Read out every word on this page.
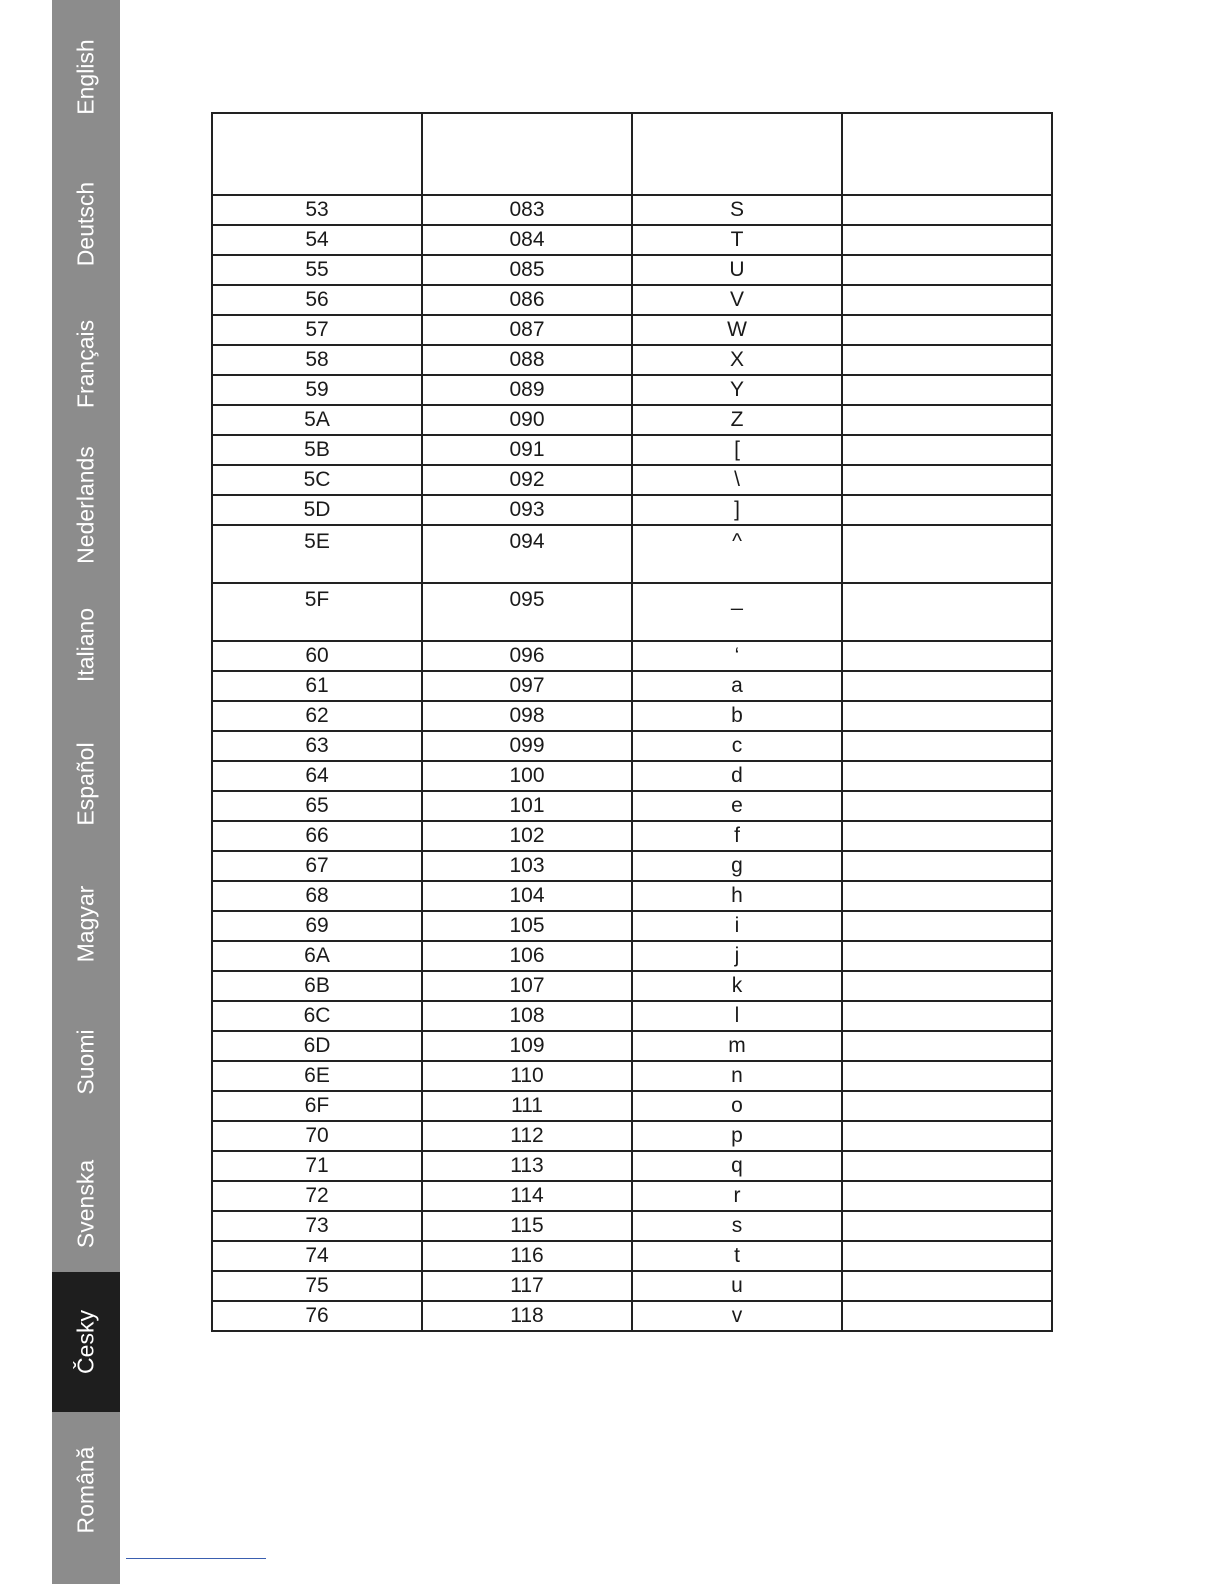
English
Deutsch
Français
Nederlands
Italiano
Español
Magyar
Suomi
Svenska
Česky
Română

53	083	S	
54	084	T	
55	085	U	
56	086	V	
57	087	W	
58	088	X	
59	089	Y	
5A	090	Z	
5B	091	[	
5C	092	\	
5D	093	]	
5E	094	^	
5F	095	_	
60	096	‘	
61	097	a	
62	098	b	
63	099	c	
64	100	d	
65	101	e	
66	102	f	
67	103	g	
68	104	h	
69	105	i	
6A	106	j	
6B	107	k	
6C	108	l	
6D	109	m	
6E	110	n	
6F	111	o	
70	112	p	
71	113	q	
72	114	r	
73	115	s	
74	116	t	
75	117	u	
76	118	v	
